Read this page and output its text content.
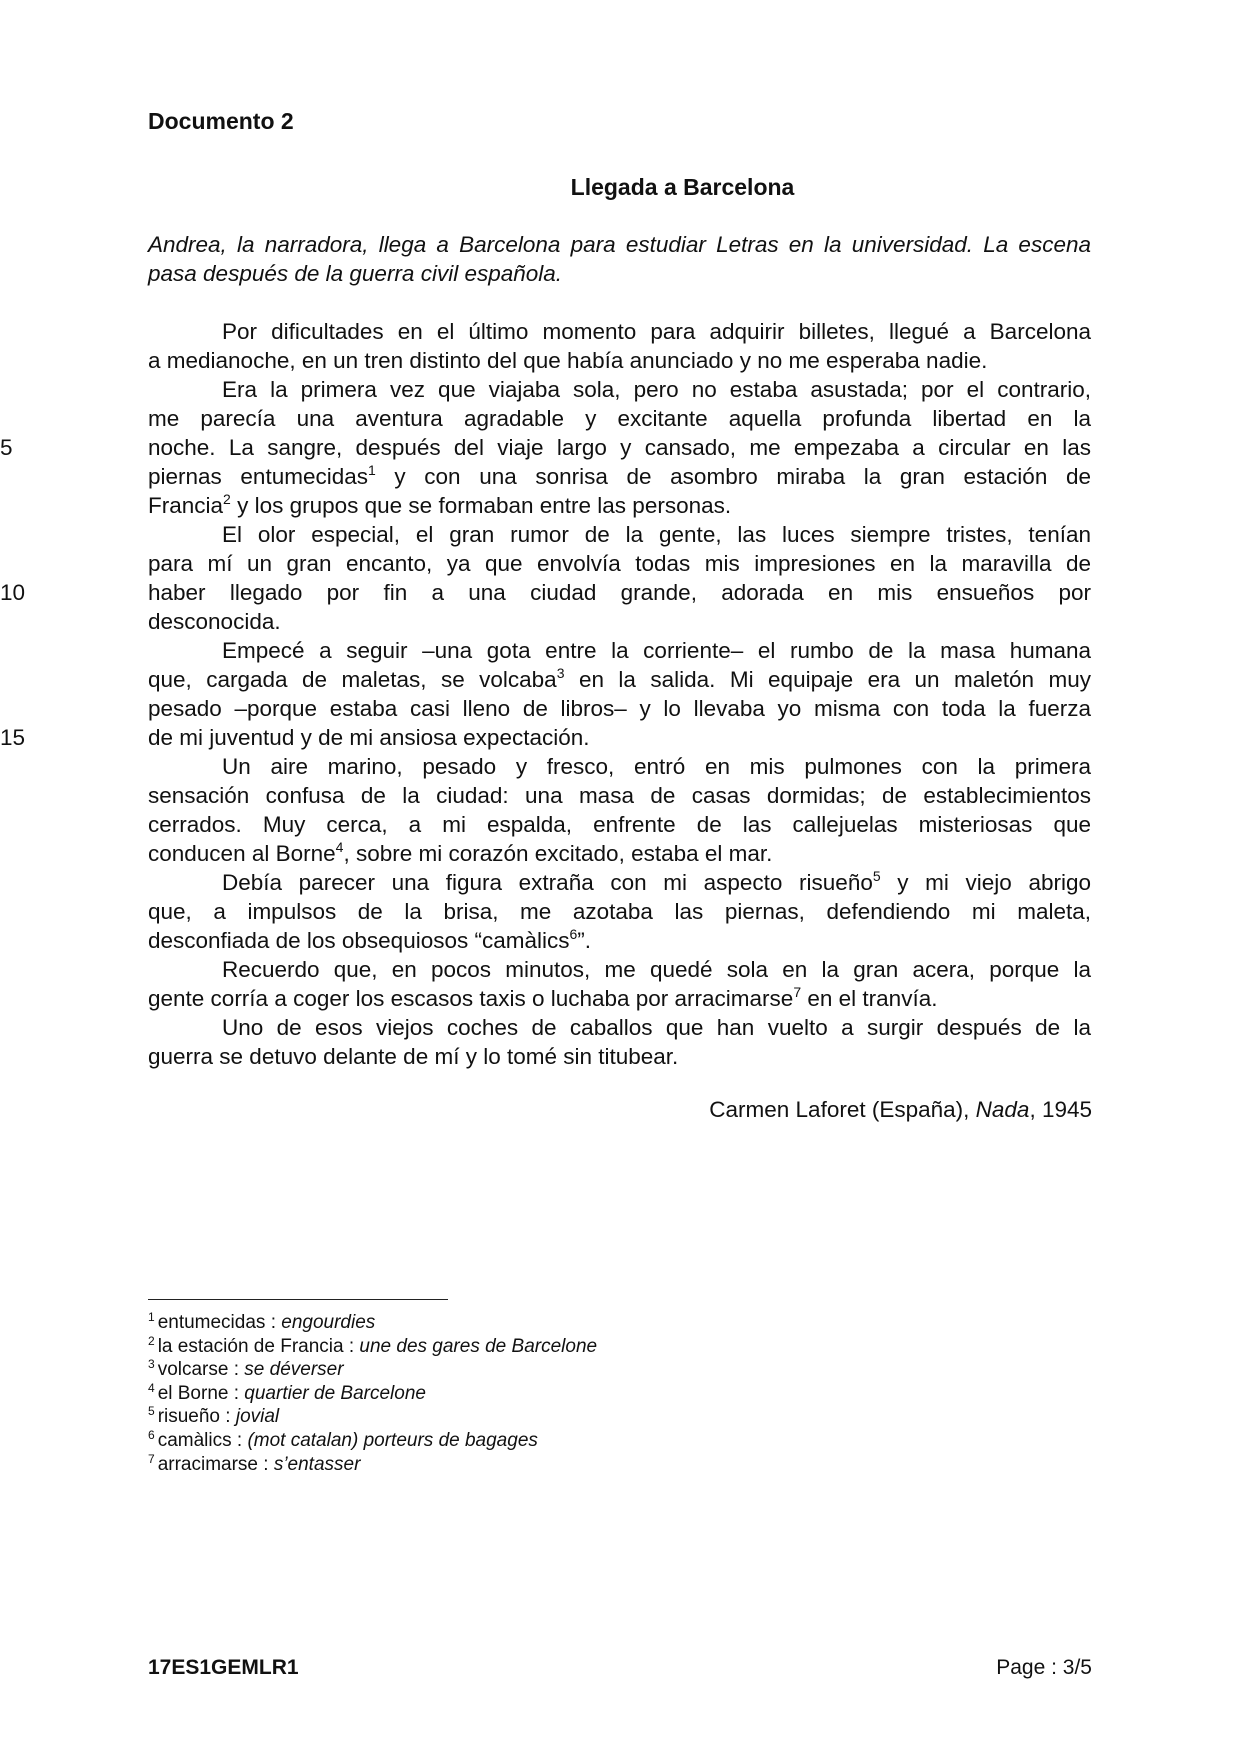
Documento 2
Llegada a Barcelona
Andrea, la narradora, llega a Barcelona para estudiar Letras en la universidad. La escena pasa después de la guerra civil española.
Por dificultades en el último momento para adquirir billetes, llegué a Barcelona
a medianoche, en un tren distinto del que había anunciado y no me esperaba nadie.
Era la primera vez que viajaba sola, pero no estaba asustada; por el contrario,
me parecía una aventura agradable y excitante aquella profunda libertad en la
5	noche. La sangre, después del viaje largo y cansado, me empezaba a circular en las
piernas entumecidas$^1$ y con una sonrisa de asombro miraba la gran estación de
Francia$^2$ y los grupos que se formaban entre las personas.
El olor especial, el gran rumor de la gente, las luces siempre tristes, tenían
para mí un gran encanto, ya que envolvía todas mis impresiones en la maravilla de
10	haber llegado por fin a una ciudad grande, adorada en mis ensueños por
desconocida.
Empecé a seguir –una gota entre la corriente– el rumbo de la masa humana
que, cargada de maletas, se volcaba$^3$ en la salida. Mi equipaje era un maletón muy
pesado –porque estaba casi lleno de libros– y lo llevaba yo misma con toda la fuerza
15	de mi juventud y de mi ansiosa expectación.
Un aire marino, pesado y fresco, entró en mis pulmones con la primera
sensación confusa de la ciudad: una masa de casas dormidas; de establecimientos
cerrados. Muy cerca, a mi espalda, enfrente de las callejuelas misteriosas que
conducen al Borne$^4$, sobre mi corazón excitado, estaba el mar.
Debía parecer una figura extraña con mi aspecto risueño$^5$ y mi viejo abrigo
que, a impulsos de la brisa, me azotaba las piernas, defendiendo mi maleta,
desconfiada de los obsequiosos “camàlics$^6$”.
Recuerdo que, en pocos minutos, me quedé sola en la gran acera, porque la
gente corría a coger los escasos taxis o luchaba por arracimarse$^7$ en el tranvía.
Uno de esos viejos coches de caballos que han vuelto a surgir después de la
guerra se detuvo delante de mí y lo tomé sin titubear.
Carmen Laforet (España), Nada, 1945
$^1$ entumecidas : engourdies
$^2$ la estación de Francia : une des gares de Barcelone
$^3$ volcarse : se déverser
$^4$ el Borne : quartier de Barcelone
$^5$ risueño : jovial
$^6$ camàlics : (mot catalan) porteurs de bagages
$^7$ arracimarse : s’entasser
17ES1GEMLR1	Page : 3/5
